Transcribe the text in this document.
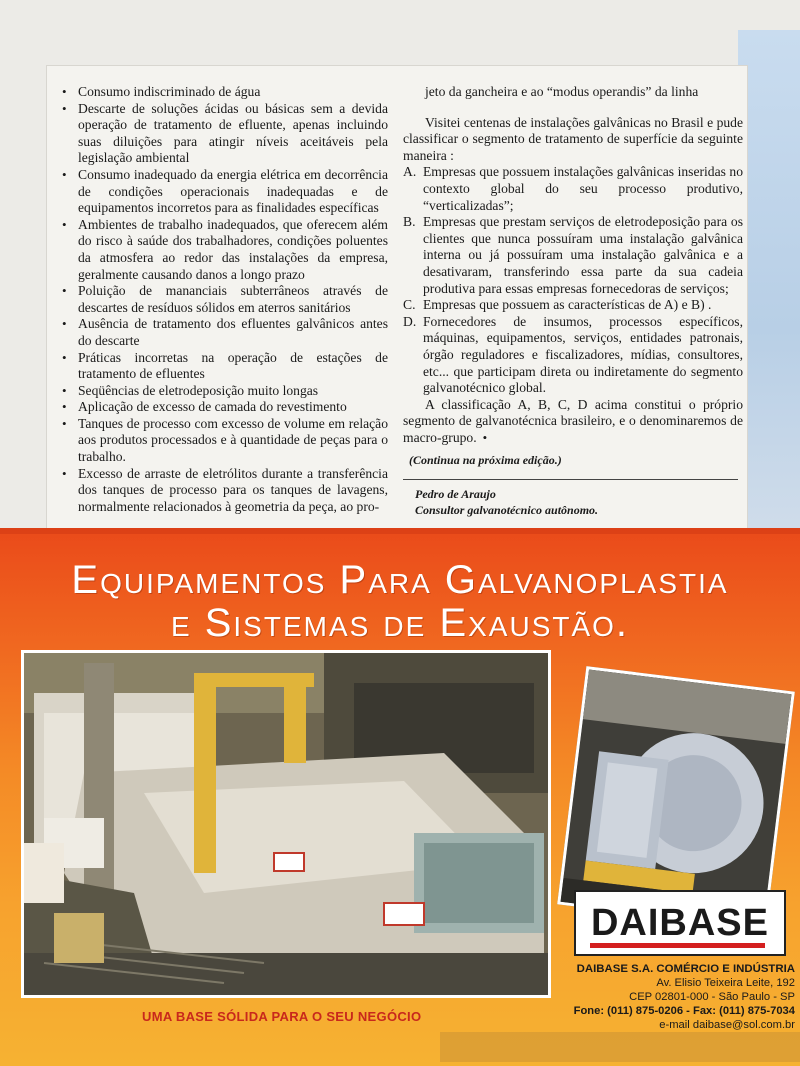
• Consumo indiscriminado de água
• Descarte de soluções ácidas ou básicas sem a devida operação de tratamento de efluente, apenas incluindo suas diluições para atingir níveis aceitáveis pela legislação ambiental
• Consumo inadequado da energia elétrica em decorrência de condições operacionais inadequadas e de equipamentos incorretos para as finalidades específicas
• Ambientes de trabalho inadequados, que oferecem além do risco à saúde dos trabalhadores, condições poluentes da atmosfera ao redor das instalações da empresa, geralmente causando danos a longo prazo
• Poluição de mananciais subterrâneos através de descartes de resíduos sólidos em aterros sanitários
• Ausência de tratamento dos efluentes galvânicos antes do descarte
• Práticas incorretas na operação de estações de tratamento de efluentes
• Seqüências de eletrodeposição muito longas
• Aplicação de excesso de camada do revestimento
• Tanques de processo com excesso de volume em relação aos produtos processados e à quantidade de peças para o trabalho.
• Excesso de arraste de eletrólitos durante a transferência dos tanques de processo para os tanques de lavagens, normalmente relacionados à geometria da peça, ao pro-

jeto da gancheira e ao “modus operandis” da linha

Visitei centenas de instalações galvânicas no Brasil e pude classificar o segmento de tratamento de superfície da seguinte maneira :

A. Empresas que possuem instalações galvânicas inseridas no contexto global do seu processo produtivo, “verticalizadas”;
B. Empresas que prestam serviços de eletrodeposição para os clientes que nunca possuíram uma instalação galvânica interna ou já possuíram uma instalação galvânica e a desativaram, transferindo essa parte da sua cadeia produtiva para essas empresas fornecedoras de serviços;
C. Empresas que possuem as características de A) e B) .
D. Fornecedores de insumos, processos específicos, máquinas, equipamentos, serviços, entidades patronais, órgão reguladores e fiscalizadores, mídias, consultores, etc... que participam direta ou indiretamente do segmento galvanotécnico global.

A classificação A, B, C, D acima constitui o próprio segmento de galvanotécnica brasileiro, e o denominaremos de macro-grupo. •

(Continua na próxima edição.)

Pedro de Araujo

Consultor galvanotécnico autônomo.

Equipamentos Para Galvanoplastia
e Sistemas de Exaustão.
DAIBASE
DAIBASE S.A. COMÉRCIO E INDÚSTRIA
Av. Elisio Teixeira Leite, 192
CEP 02801-000 - São Paulo - SP
Fone: (011) 875-0206 - Fax: (011) 875-7034
e-mail daibase@sol.com.br
UMA BASE SÓLIDA PARA O SEU NEGÓCIO
